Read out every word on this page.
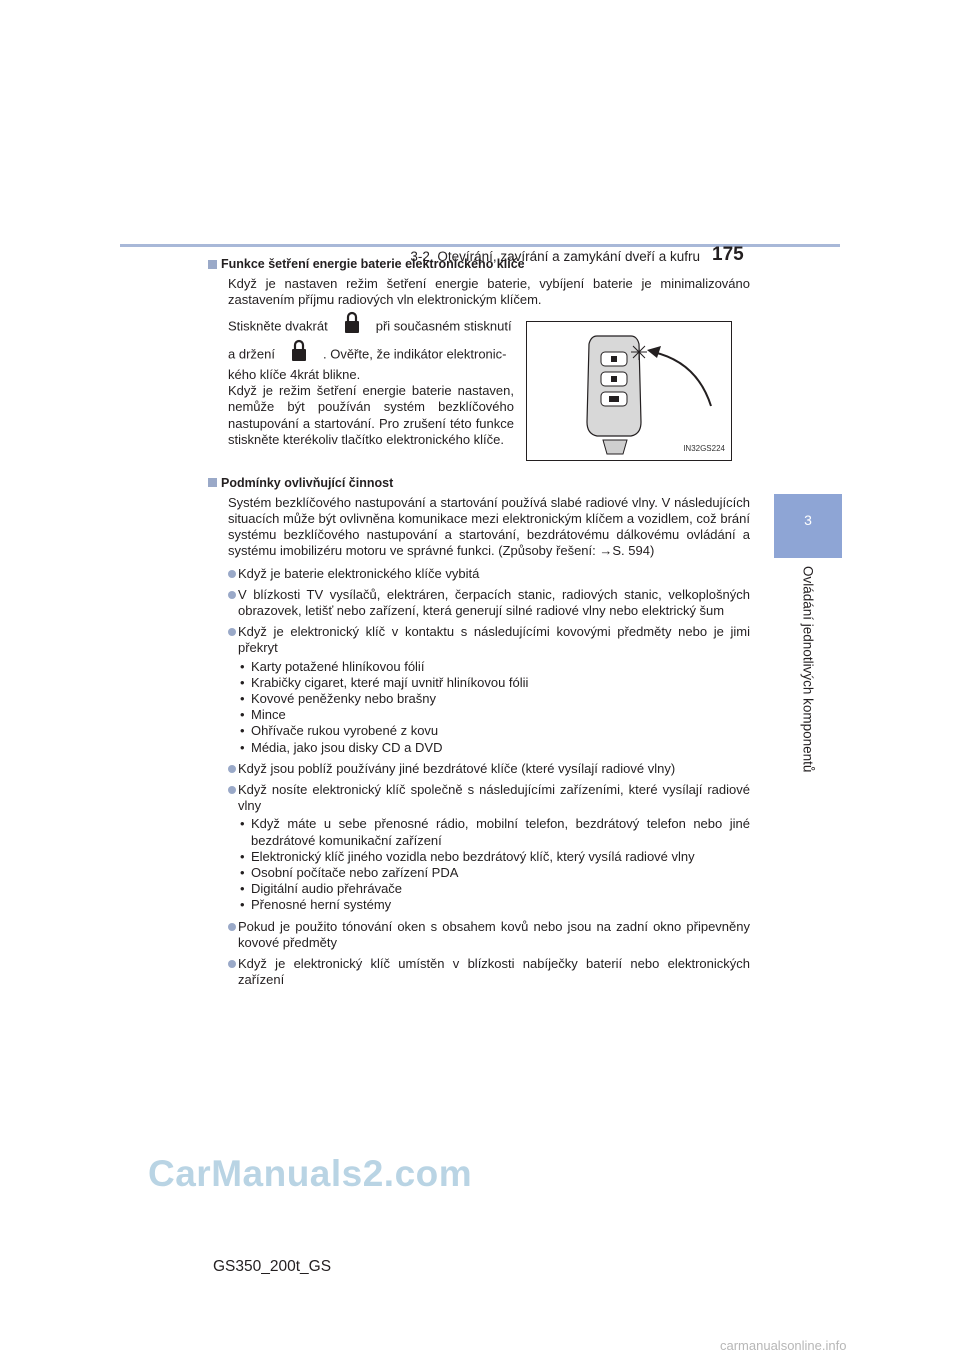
3-2. Otevírání, zavírání a zamykání dveří a kufru 175
3
Ovládání jednotlivých komponentů
Funkce šetření energie baterie elektronického klíče

Když je nastaven režim šetření energie baterie, vybíjení baterie je minimalizováno zastavením příjmu radiových vln elektronickým klíčem.

Stiskněte dvakrát	při současném stisknutí

a držení	. Ověřte, že indikátor elektronic-

kého klíče 4krát blikne.

Když je režim šetření energie baterie nastaven, nemůže být používán systém bezklíčového nastupování a startování. Pro zrušení této funkce stiskněte kterékoliv tlačítko elektronického klíče.

IN32GS224
Podmínky ovlivňující činnost

Systém bezklíčového nastupování a startování používá slabé radiové vlny. V následujících situacích může být ovlivněna komunikace mezi elektronickým klíčem a vozidlem, což brání systému bezklíčového nastupování a startování, bezdrátovému dálkovému ovládání a systému imobilizéru motoru ve správné funkci. (Způsoby řešení: →S. 594)

Když je baterie elektronického klíče vybitá
V blízkosti TV vysílačů, elektráren, čerpacích stanic, radiových stanic, velkoplošných obrazovek, letišť nebo zařízení, která generují silné radiové vlny nebo elektrický šum
Když je elektronický klíč v kontaktu s následujícími kovovými předměty nebo je jimi překryt
• Karty potažené hliníkovou fólií
• Krabičky cigaret, které mají uvnitř hliníkovou fólii
• Kovové peněženky nebo brašny
• Mince
• Ohřívače rukou vyrobené z kovu
• Média, jako jsou disky CD a DVD
Když jsou poblíž používány jiné bezdrátové klíče (které vysílají radiové vlny)
Když nosíte elektronický klíč společně s následujícími zařízeními, které vysílají radiové vlny
• Když máte u sebe přenosné rádio, mobilní telefon, bezdrátový telefon nebo jiné bezdrátové komunikační zařízení
• Elektronický klíč jiného vozidla nebo bezdrátový klíč, který vysílá radiové vlny
• Osobní počítače nebo zařízení PDA
• Digitální audio přehrávače
• Přenosné herní systémy
Pokud je použito tónování oken s obsahem kovů nebo jsou na zadní okno připevněny kovové předměty
Když je elektronický klíč umístěn v blízkosti nabíječky baterií nebo elektronických zařízení
CarManuals2.com
GS350_200t_GS
carmanualsonline.info
